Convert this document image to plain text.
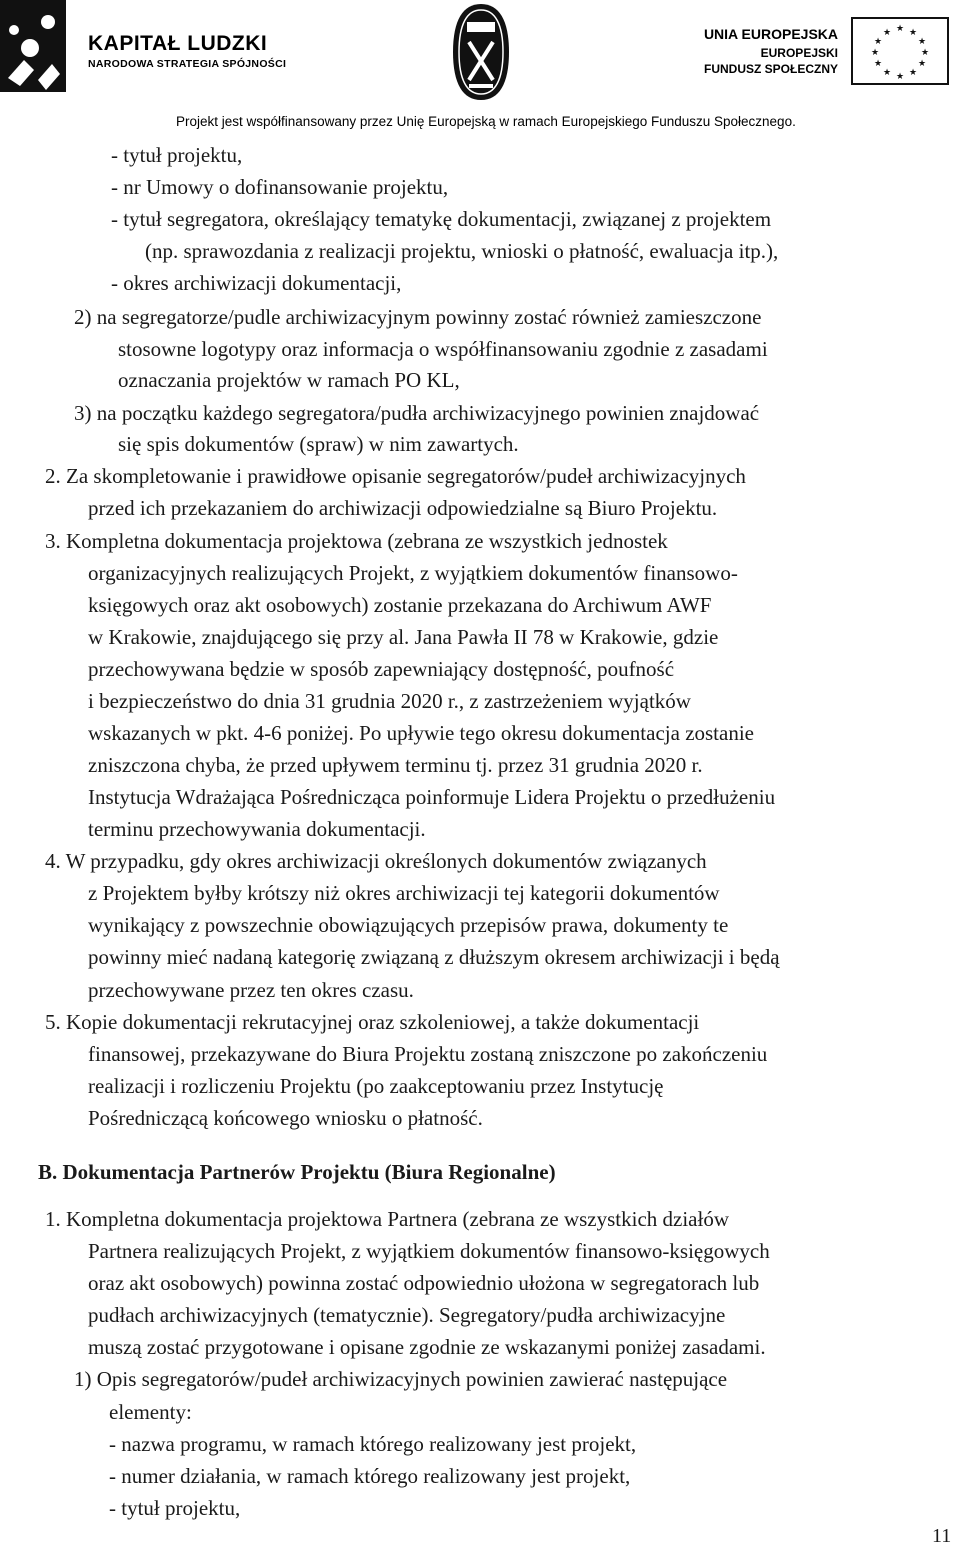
KAPITAŁ LUDZKI
NARODOWA STRATEGIA SPÓJNOŚCI
UNIA EUROPEJSKA
EUROPEJSKI
FUNDUSZ SPOŁECZNY
★ ★
★
★
★
★
★
★
★
★
★
★
Projekt jest współfinansowany przez Unię Europejską w ramach Europejskiego Funduszu Społecznego.
- tytuł projektu,
- nr Umowy o dofinansowanie projektu,
- tytuł segregatora, określający tematykę dokumentacji, związanej z projektem
(np. sprawozdania z realizacji projektu, wnioski o płatność, ewaluacja itp.),
- okres archiwizacji dokumentacji,
2) na segregatorze/pudle archiwizacyjnym powinny zostać również zamieszczone
stosowne logotypy oraz informacja o współfinansowaniu zgodnie z zasadami
oznaczania projektów w ramach PO KL,
3) na początku każdego segregatora/pudła archiwizacyjnego powinien znajdować
się spis dokumentów (spraw) w nim zawartych.
2. Za skompletowanie i prawidłowe opisanie segregatorów/pudeł archiwizacyjnych
przed ich przekazaniem do archiwizacji odpowiedzialne są Biuro Projektu.
3. Kompletna dokumentacja projektowa (zebrana ze wszystkich jednostek
organizacyjnych realizujących Projekt, z wyjątkiem dokumentów finansowo-
księgowych oraz akt osobowych) zostanie przekazana do Archiwum AWF
w Krakowie, znajdującego się przy al. Jana Pawła II 78 w Krakowie, gdzie
przechowywana będzie w sposób zapewniający dostępność, poufność
i bezpieczeństwo do dnia 31 grudnia 2020 r., z zastrzeżeniem wyjątków
wskazanych w pkt. 4-6 poniżej. Po upływie tego okresu dokumentacja zostanie
zniszczona chyba, że przed upływem terminu tj. przez 31 grudnia 2020 r.
Instytucja Wdrażająca Pośrednicząca poinformuje Lidera Projektu o przedłużeniu
terminu przechowywania dokumentacji.
4. W przypadku, gdy okres archiwizacji określonych dokumentów związanych
z Projektem byłby krótszy niż okres archiwizacji tej kategorii dokumentów
wynikający z powszechnie obowiązujących przepisów prawa, dokumenty te
powinny mieć nadaną kategorię związaną z dłuższym okresem archiwizacji i będą
przechowywane przez ten okres czasu.
5. Kopie dokumentacji rekrutacyjnej oraz szkoleniowej, a także dokumentacji
finansowej, przekazywane do Biura Projektu zostaną zniszczone po zakończeniu
realizacji i rozliczeniu Projektu (po zaakceptowaniu przez Instytucję
Pośredniczącą końcowego wniosku o płatność.
B. Dokumentacja Partnerów Projektu (Biura Regionalne)
1. Kompletna dokumentacja projektowa Partnera (zebrana ze wszystkich działów
Partnera realizujących Projekt, z wyjątkiem dokumentów finansowo-księgowych
oraz akt osobowych) powinna zostać odpowiednio ułożona w segregatorach lub
pudłach archiwizacyjnych (tematycznie). Segregatory/pudła archiwizacyjne
muszą zostać przygotowane i opisane zgodnie ze wskazanymi poniżej zasadami.
1) Opis segregatorów/pudeł archiwizacyjnych powinien zawierać następujące
elementy:
- nazwa programu, w ramach którego realizowany jest projekt,
- numer działania, w ramach którego realizowany jest projekt,
- tytuł projektu,
11
